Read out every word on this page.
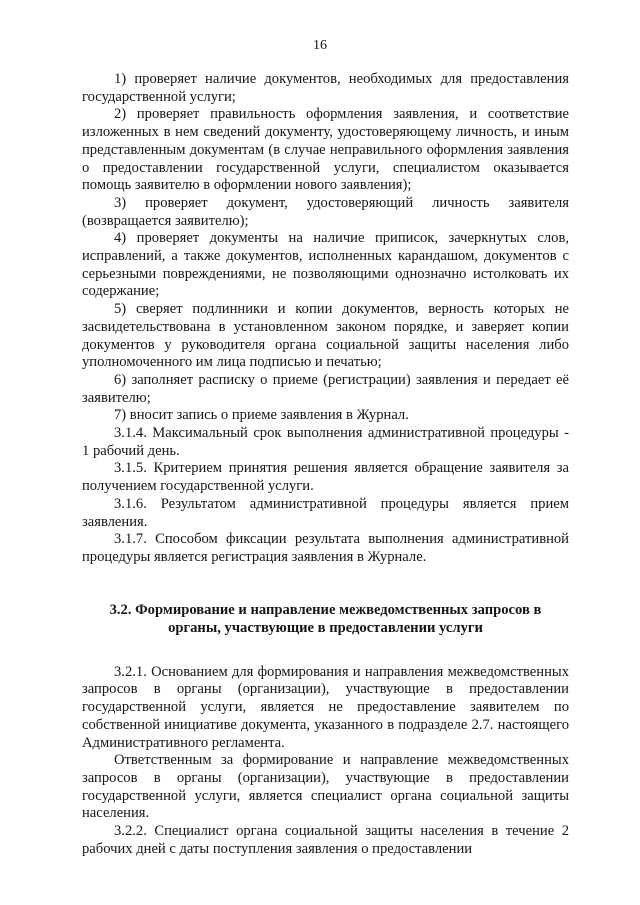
16

1) проверяет наличие документов, необходимых для предоставления государственной услуги;

2) проверяет правильность оформления заявления, и соответствие изложенных в нем сведений документу, удостоверяющему личность, и иным представленным документам (в случае неправильного оформления заявления о предоставлении государственной услуги, специалистом оказывается помощь заявителю в оформлении нового заявления);

3) проверяет документ, удостоверяющий личность заявителя (возвращается заявителю);

4) проверяет документы на наличие приписок, зачеркнутых слов, исправлений, а также документов, исполненных карандашом, документов с серьезными повреждениями, не позволяющими однозначно истолковать их содержание;

5) сверяет подлинники и копии документов, верность которых не засвидетельствована в установленном законом порядке, и заверяет копии документов у руководителя органа социальной защиты населения либо уполномоченного им лица подписью и печатью;

6) заполняет расписку о приеме (регистрации) заявления и передает её заявителю;

7) вносит запись о приеме заявления в Журнал.

3.1.4. Максимальный срок выполнения административной процедуры - 1 рабочий день.

3.1.5. Критерием принятия решения является обращение заявителя за получением государственной услуги.

3.1.6. Результатом административной процедуры является прием заявления.

3.1.7. Способом фиксации результата выполнения административной процедуры является регистрация заявления в Журнале.

3.2. Формирование и направление межведомственных запросов в органы, участвующие в предоставлении услуги

3.2.1. Основанием для формирования и направления межведомственных запросов в органы (организации), участвующие в предоставлении государственной услуги, является не предоставление заявителем по собственной инициативе документа, указанного в подразделе 2.7. настоящего Административного регламента.

Ответственным за формирование и направление межведомственных запросов в органы (организации), участвующие в предоставлении государственной услуги, является специалист органа социальной защиты населения.

3.2.2. Специалист органа социальной защиты населения в течение 2 рабочих дней с даты поступления заявления о предоставлении
